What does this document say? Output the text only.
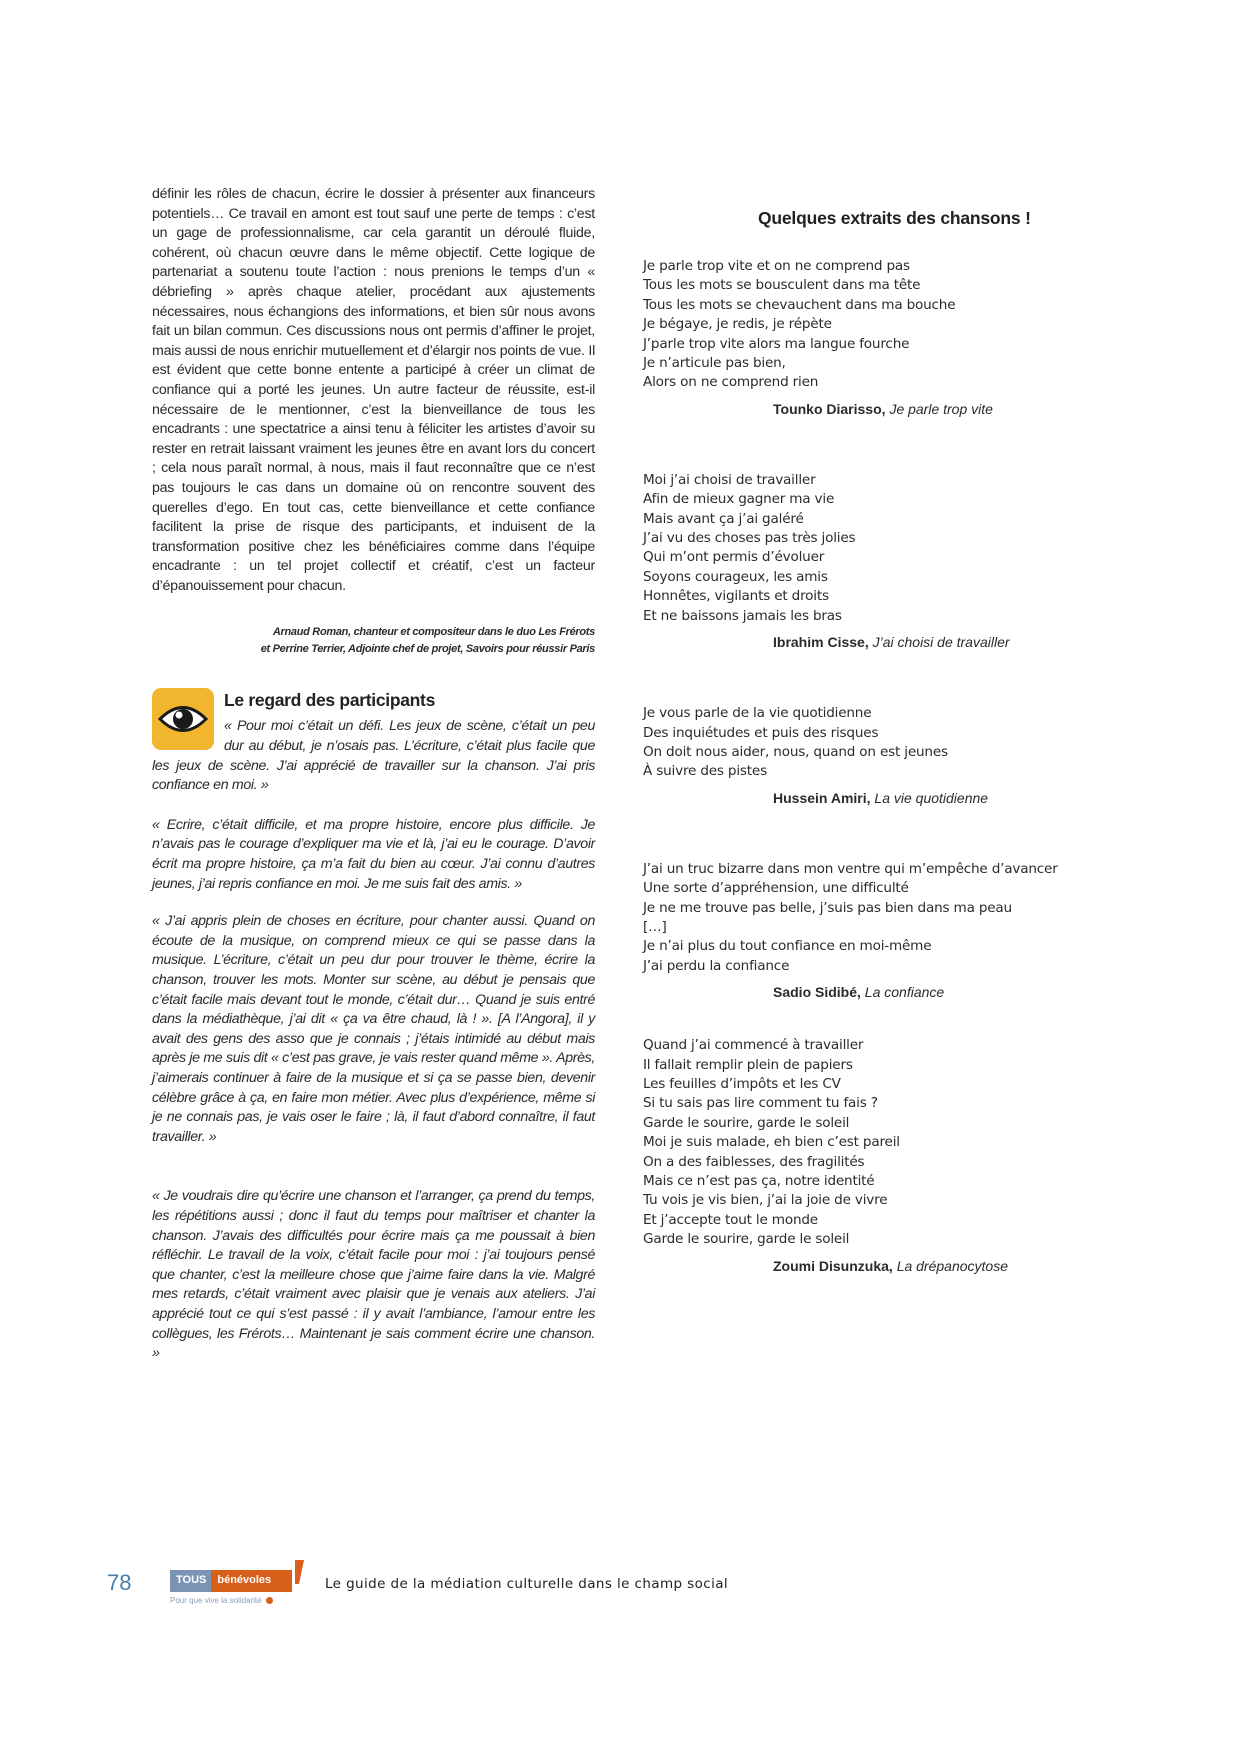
définir les rôles de chacun, écrire le dossier à présenter aux financeurs potentiels… Ce travail en amont est tout sauf une perte de temps : c’est un gage de professionnalisme, car cela garantit un déroulé fluide, cohérent, où chacun œuvre dans le même objectif. Cette logique de partenariat a soutenu toute l’action : nous prenions le temps d’un « débriefing » après chaque atelier, procédant aux ajustements nécessaires, nous échangions des informations, et bien sûr nous avons fait un bilan commun. Ces discussions nous ont permis d’affiner le projet, mais aussi de nous enrichir mutuellement et d’élargir nos points de vue. Il est évident que cette bonne entente a participé à créer un climat de confiance qui a porté les jeunes. Un autre facteur de réussite, est-il nécessaire de le mentionner, c’est la bienveillance de tous les encadrants : une spectatrice a ainsi tenu à féliciter les artistes d’avoir su rester en retrait laissant vraiment les jeunes être en avant lors du concert ; cela nous paraît normal, à nous, mais il faut reconnaître que ce n’est pas toujours le cas dans un domaine où on rencontre souvent des querelles d’ego. En tout cas, cette bienveillance et cette confiance facilitent la prise de risque des participants, et induisent de la transformation positive chez les bénéficiaires comme dans l’équipe encadrante : un tel projet collectif et créatif, c’est un facteur d’épanouissement pour chacun.

Arnaud Roman, chanteur et compositeur dans le duo Les Frérots
et Perrine Terrier, Adjointe chef de projet, Savoirs pour réussir Paris
Le regard des participants

« Pour moi c’était un défi. Les jeux de scène, c’était un peu dur au début, je n’osais pas. L’écriture, c’était plus facile que les jeux de scène. J’ai apprécié de travailler sur la chanson. J’ai pris confiance en moi. »

« Ecrire, c’était difficile, et ma propre histoire, encore plus difficile. Je n’avais pas le courage d’expliquer ma vie et là, j’ai eu le courage. D’avoir écrit ma propre histoire, ça m’a fait du bien au cœur. J’ai connu d’autres jeunes, j’ai repris confiance en moi. Je me suis fait des amis. »

« J’ai appris plein de choses en écriture, pour chanter aussi. Quand on écoute de la musique, on comprend mieux ce qui se passe dans la musique. L’écriture, c’était un peu dur pour trouver le thème, écrire la chanson, trouver les mots. Monter sur scène, au début je pensais que c’était facile mais devant tout le monde, c’était dur… Quand je suis entré dans la médiathèque, j’ai dit « ça va être chaud, là ! ». [A l’Angora], il y avait des gens des asso que je connais ; j’étais intimidé au début mais après je me suis dit « c’est pas grave, je vais rester quand même ». Après, j’aimerais continuer à faire de la musique et si ça se passe bien, devenir célèbre grâce à ça, en faire mon métier. Avec plus d’expérience, même si je ne connais pas, je vais oser le faire ; là, il faut d’abord connaître, il faut travailler. »

« Je voudrais dire qu’écrire une chanson et l’arranger, ça prend du temps, les répétitions aussi ; donc il faut du temps pour maîtriser et chanter la chanson. J’avais des difficultés pour écrire mais ça me poussait à bien réfléchir. Le travail de la voix, c’était facile pour moi : j’ai toujours pensé que chanter, c’est la meilleure chose que j’aime faire dans la vie. Malgré mes retards, c’était vraiment avec plaisir que je venais aux ateliers. J’ai apprécié tout ce qui s’est passé : il y avait l’ambiance, l’amour entre les collègues, les Frérots… Maintenant je sais comment écrire une chanson. »

Quelques extraits des chansons !

Je parle trop vite et on ne comprend pas

Tous les mots se bousculent dans ma tête

Tous les mots se chevauchent dans ma bouche

Je bégaye, je redis, je répète

J’parle trop vite alors ma langue fourche

Je n’articule pas bien,

Alors on ne comprend rien

Tounko Diarisso, Je parle trop vite

Moi j’ai choisi de travailler

Afin de mieux gagner ma vie

Mais avant ça j’ai galéré

J’ai vu des choses pas très jolies

Qui m’ont permis d’évoluer

Soyons courageux, les amis

Honnêtes, vigilants et droits

Et ne baissons jamais les bras

Ibrahim Cisse, J’ai choisi de travailler

Je vous parle de la vie quotidienne

Des inquiétudes et puis des risques

On doit nous aider, nous, quand on est jeunes

À suivre des pistes

Hussein Amiri, La vie quotidienne

J’ai un truc bizarre dans mon ventre qui m’empêche d’avancer

Une sorte d’appréhension, une difficulté

Je ne me trouve pas belle, j’suis pas bien dans ma peau

[…]

Je n’ai plus du tout confiance en moi-même

J’ai perdu la confiance

Sadio Sidibé, La confiance

Quand j’ai commencé à travailler

Il fallait remplir plein de papiers

Les feuilles d’impôts et les CV

Si tu sais pas lire comment tu fais ?

Garde le sourire, garde le soleil

Moi je suis malade, eh bien c’est pareil

On a des faiblesses, des fragilités

Mais ce n’est pas ça, notre identité

Tu vois je vis bien, j’ai la joie de vivre

Et j’accepte tout le monde

Garde le sourire, garde le soleil

Zoumi Disunzuka, La drépanocytose
78	TOUS	bénévoles
Pour que vive la solidarité
Le guide de la médiation culturelle dans le champ social
